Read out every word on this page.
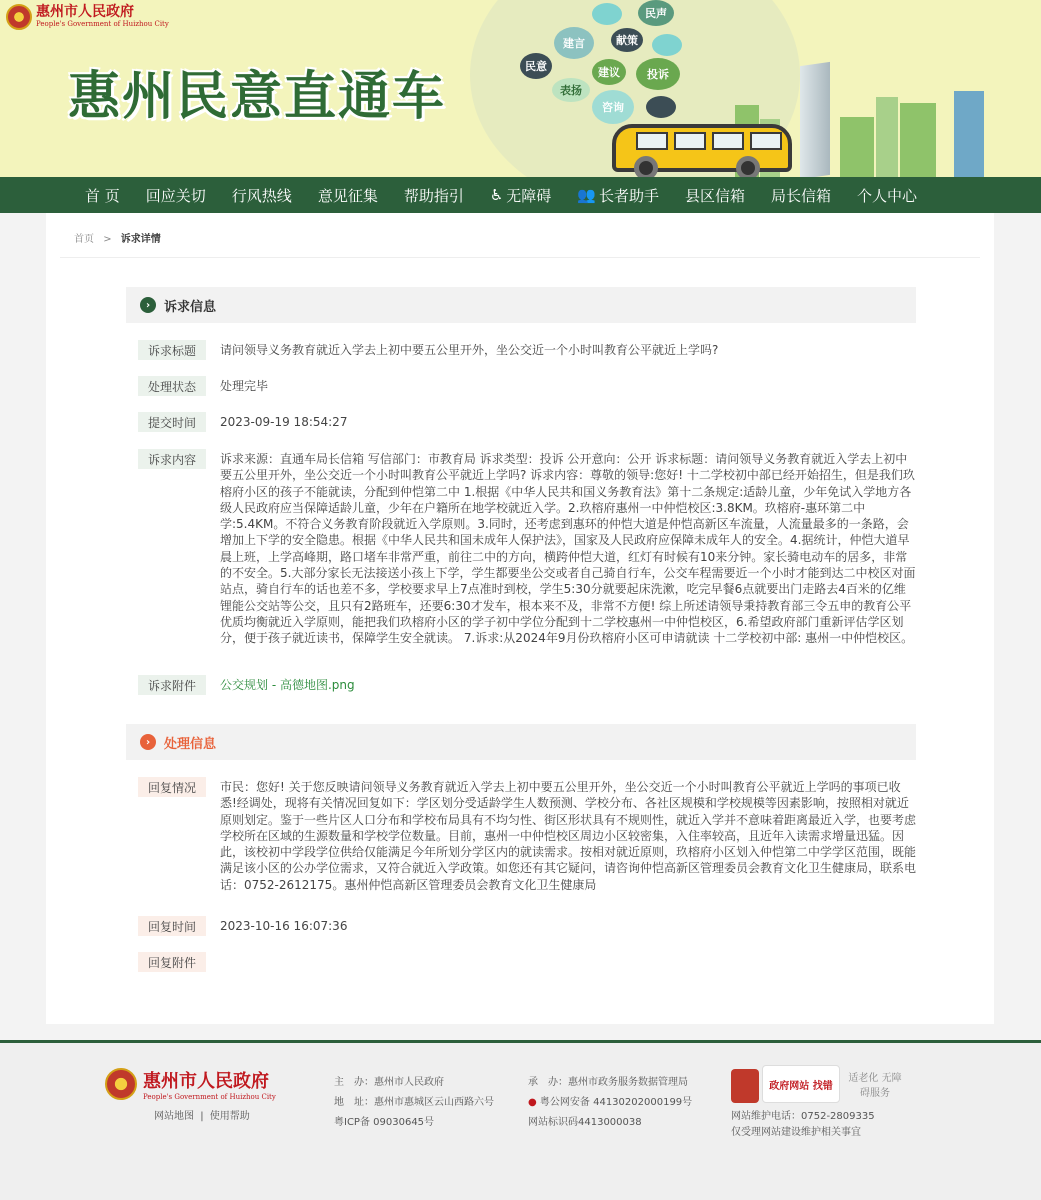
惠州市人民政府
People's Government of Huizhou City
惠州民意直通车
民声
建言	献策
民意	建议	投诉
表扬
咨询
首 页 回应关切 行风热线 意见征集 帮助指引 ♿ 无障碍 👥 长者助手 县区信箱 局长信箱 个人中心
首页 > 诉求详情
›	诉求信息
诉求标题	请问领导义务教育就近入学去上初中要五公里开外，坐公交近一个小时叫教育公平就近上学吗?
处理状态	处理完毕
提交时间	2023-09-19 18:54:27
诉求内容	诉求来源：直通车局长信箱 写信部门：市教育局 诉求类型：投诉 公开意向：公开 诉求标题：请问领导义务教育就近入学去上初中要五公里开外，坐公交近一个小时叫教育公平就近上学吗? 诉求内容：尊敬的领导:您好! 十二学校初中部已经开始招生，但是我们玖榕府小区的孩子不能就读，分配到仲恺第二中 1.根据《中华人民共和国义务教育法》第十二条规定:适龄儿童，少年免试入学地方各级人民政府应当保障适龄儿童，少年在户籍所在地学校就近入学。2.玖榕府惠州一中仲恺校区:3.8KM。玖榕府-惠环第二中学:5.4KM。不符合义务教育阶段就近入学原则。3.同时，还考虑到惠环的仲恺大道是仲恺高新区车流量，人流量最多的一条路，会增加上下学的安全隐患。根据《中华人民共和国未成年人保护法》，国家及人民政府应保障未成年人的安全。4.据统计，仲恺大道早晨上班，上学高峰期，路口堵车非常严重，前往二中的方向，横跨仲恺大道，红灯有时候有10来分钟。家长骑电动车的居多，非常的不安全。5.大部分家长无法接送小孩上下学，学生都要坐公交或者自己骑自行车，公交车程需要近一个小时才能到达二中校区对面站点，骑自行车的话也差不多，学校要求早上7点准时到校，学生5:30分就要起床洗漱，吃完早餐6点就要出门走路去4百米的亿维锂能公交站等公交，且只有2路班车，还要6:30才发车，根本来不及，非常不方便! 综上所述请领导秉持教育部三令五申的教育公平优质均衡就近入学原则，能把我们玖榕府小区的学子初中学位分配到十二学校惠州一中仲恺校区，6.希望政府部门重新评估学区划分，便于孩子就近读书，保障学生安全就读。 7.诉求:从2024年9月份玖榕府小区可申请就读 十二学校初中部: 惠州一中仲恺校区。
诉求附件	公交规划 - 高德地图.png
›	处理信息
回复情况	市民：您好! 关于您反映请问领导义务教育就近入学去上初中要五公里开外，坐公交近一个小时叫教育公平就近上学吗的事项已收悉!经调处，现将有关情况回复如下：学区划分受适龄学生人数预测、学校分布、各社区规模和学校规模等因素影响，按照相对就近原则划定。鉴于一些片区人口分布和学校布局具有不均匀性、街区形状具有不规则性，就近入学并不意味着距离最近入学，也要考虑学校所在区域的生源数量和学校学位数量。目前，惠州一中仲恺校区周边小区较密集，入住率较高，且近年入读需求增量迅猛。因此，该校初中学段学位供给仅能满足今年所划分学区内的就读需求。按相对就近原则，玖榕府小区划入仲恺第二中学学区范围，既能满足该小区的公办学位需求，又符合就近入学政策。如您还有其它疑问，请咨询仲恺高新区管理委员会教育文化卫生健康局，联系电话：0752-2612175。惠州仲恺高新区管理委员会教育文化卫生健康局
回复时间	2023-10-16 16:07:36
回复附件
惠州市人民政府
People's Government of Huizhou City
网站地图 | 使用帮助
主　办：惠州市人民政府
地　址：惠州市惠城区云山西路六号
粤ICP备 09030645号
承　办：惠州市政务服务数据管理局
● 粤公网安备 44130202000199号
网站标识码4413000038
政府网站 找错
适老化 无障碍服务
网站维护电话：0752-2809335
仅受理网站建设维护相关事宜
